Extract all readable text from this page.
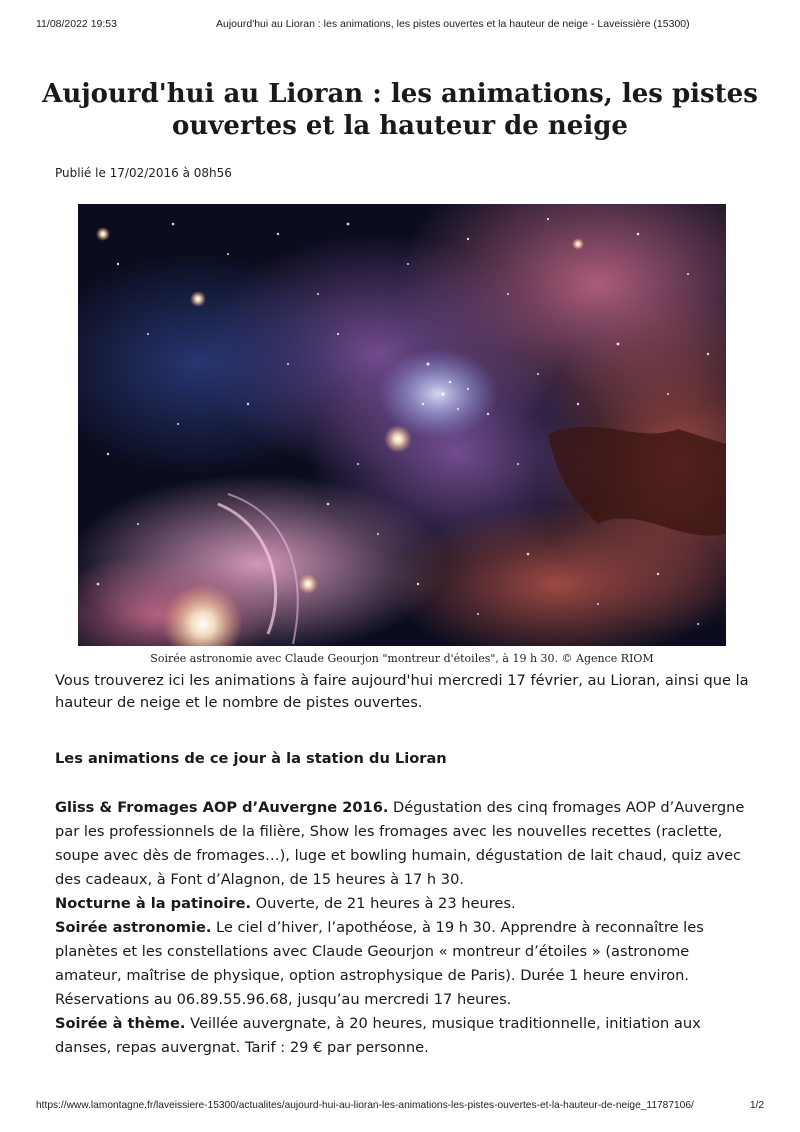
11/08/2022 19:53	Aujourd'hui au Lioran : les animations, les pistes ouvertes et la hauteur de neige - Laveissière (15300)
Aujourd'hui au Lioran : les animations, les pistes ouvertes et la hauteur de neige
Publié le 17/02/2016 à 08h56
Soirée astronomie avec Claude Geourjon "montreur d'étoiles", à 19 h 30. © Agence RIOM

Vous trouverez ici les animations à faire aujourd'hui mercredi 17 février, au Lioran, ainsi que la hauteur de neige et le nombre de pistes ouvertes.

Les animations de ce jour à la station du Lioran

Gliss & Fromages AOP d’Auvergne 2016. Dégustation des cinq fromages AOP d’Auvergne par les professionnels de la filière, Show les fromages avec les nouvelles recettes (raclette, soupe avec dès de fromages…), luge et bowling humain, dégustation de lait chaud, quiz avec des cadeaux, à Font d’Alagnon, de 15 heures à 17 h 30.

Nocturne à la patinoire. Ouverte, de 21 heures à 23 heures.

Soirée astronomie. Le ciel d’hiver, l’apothéose, à 19 h 30. Apprendre à reconnaître les planètes et les constellations avec Claude Geourjon « montreur d’étoiles » (astronome amateur, maîtrise de physique, option astrophysique de Paris). Durée 1 heure environ. Réservations au 06.89.55.96.68, jusqu’au mercredi 17 heures.

Soirée à thème. Veillée auvergnate, à 20 heures, musique traditionnelle, initiation aux danses, repas auvergnat. Tarif : 29 € par personne.

https://www.lamontagne.fr/laveissiere-15300/actualites/aujourd-hui-au-lioran-les-animations-les-pistes-ouvertes-et-la-hauteur-de-neige_11787106/	1/2
